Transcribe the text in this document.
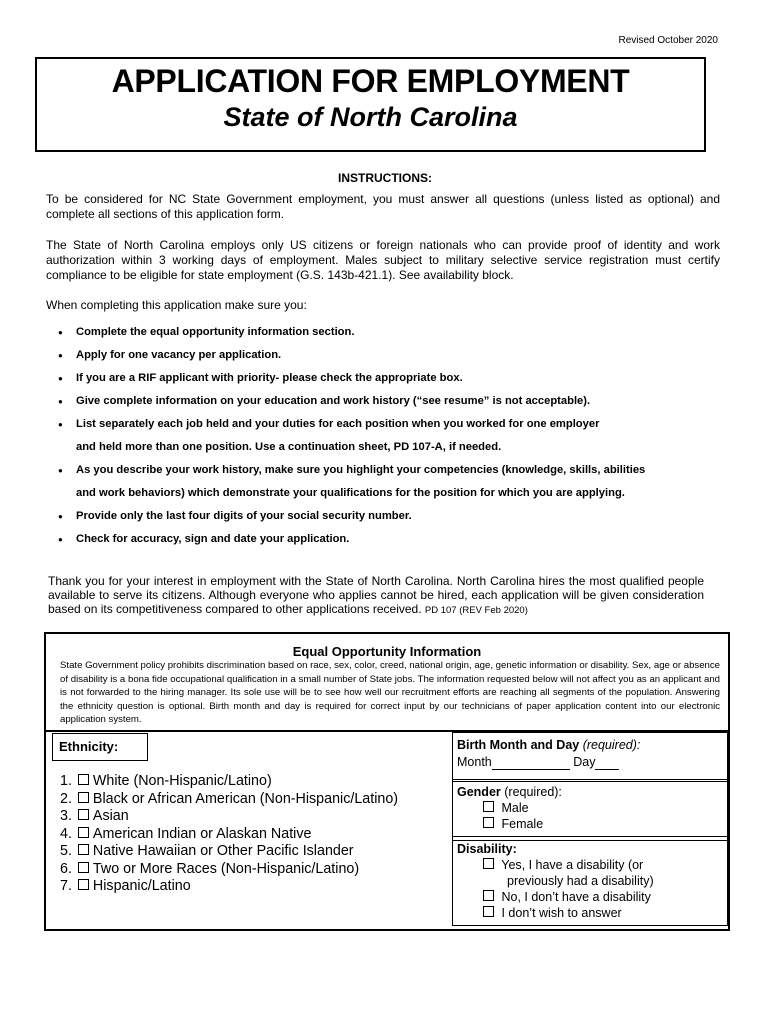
Revised October 2020
APPLICATION FOR EMPLOYMENT
State of North Carolina
INSTRUCTIONS:
To be considered for NC State Government employment, you must answer all questions (unless listed as optional) and complete all sections of this application form.
The State of North Carolina employs only US citizens or foreign nationals who can provide proof of identity and work authorization within 3 working days of employment. Males subject to military selective service registration must certify compliance to be eligible for state employment (G.S. 143b-421.1). See availability block.
When completing this application make sure you:
● Complete the equal opportunity information section.
● Apply for one vacancy per application.
● If you are a RIF applicant with priority- please check the appropriate box.
● Give complete information on your education and work history (“see resume” is not acceptable).
● List separately each job held and your duties for each position when you worked for one employer and held more than one position. Use a continuation sheet, PD 107-A, if needed.
● As you describe your work history, make sure you highlight your competencies (knowledge, skills, abilities and work behaviors) which demonstrate your qualifications for the position for which you are applying.
● Provide only the last four digits of your social security number.
● Check for accuracy, sign and date your application.
Thank you for your interest in employment with the State of North Carolina. North Carolina hires the most qualified people available to serve its citizens. Although everyone who applies cannot be hired, each application will be given consideration based on its competitiveness compared to other applications received. PD 107 (REV Feb 2020)
Equal Opportunity Information
State Government policy prohibits discrimination based on race, sex, color, creed, national origin, age, genetic information or disability. Sex, age or absence of disability is a bona fide occupational qualification in a small number of State jobs. The information requested below will not affect you as an applicant and is not forwarded to the hiring manager. Its sole use will be to see how well our recruitment efforts are reaching all segments of the population. Answering the ethnicity question is optional. Birth month and day is required for correct input by our technicians of paper application content into our electronic application system.
Ethnicity:
1. White (Non-Hispanic/Latino)
2. Black or African American (Non-Hispanic/Latino)
3. Asian
4. American Indian or Alaskan Native
5. Native Hawaiian or Other Pacific Islander
6. Two or More Races (Non-Hispanic/Latino)
7. Hispanic/Latino
Birth Month and Day (required):
Month	Day
Gender (required):
Male
Female
Disability:
Yes, I have a disability (or
previously had a disability)
No, I don’t have a disability
I don’t wish to answer
